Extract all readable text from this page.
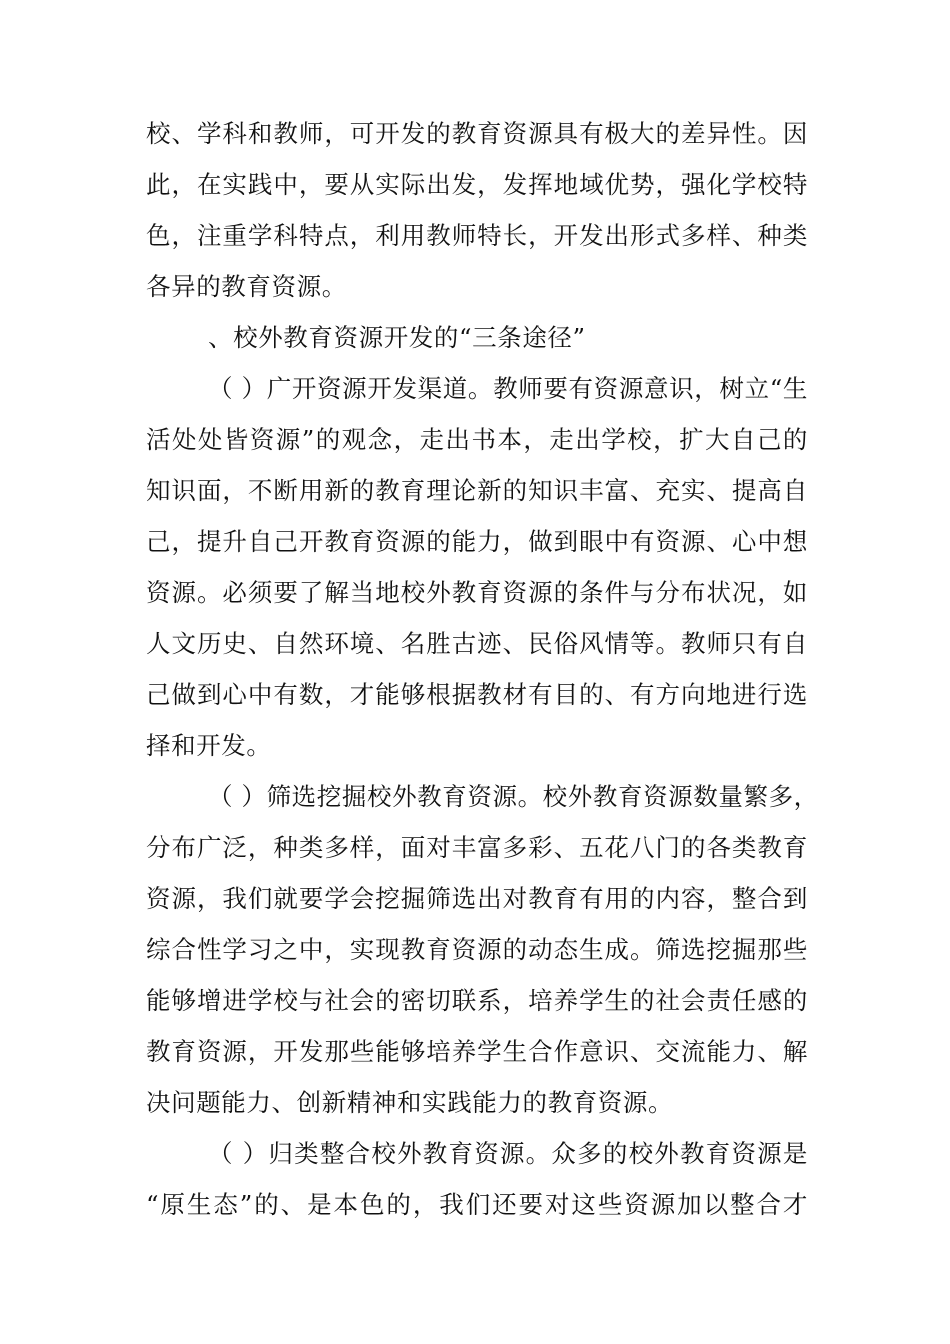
校、学科和教师，可开发的教育资源具有极大的差异性。因
此，在实践中，要从实际出发，发挥地域优势，强化学校特
色，注重学科特点，利用教师特长，开发出形式多样、种类
各异的教育资源。
、校外教育资源开发的“三条途径”
（ ）广开资源开发渠道。教师要有资源意识，树立“生
活处处皆资源”的观念，走出书本，走出学校，扩大自己的
知识面，不断用新的教育理论新的知识丰富、充实、提高自
己，提升自己开教育资源的能力，做到眼中有资源、心中想
资源。必须要了解当地校外教育资源的条件与分布状况，如
人文历史、自然环境、名胜古迹、民俗风情等。教师只有自
己做到心中有数，才能够根据教材有目的、有方向地进行选
择和开发。
（ ）筛选挖掘校外教育资源。校外教育资源数量繁多，
分布广泛，种类多样，面对丰富多彩、五花八门的各类教育
资源，我们就要学会挖掘筛选出对教育有用的内容，整合到
综合性学习之中，实现教育资源的动态生成。筛选挖掘那些
能够增进学校与社会的密切联系，培养学生的社会责任感的
教育资源，开发那些能够培养学生合作意识、交流能力、解
决问题能力、创新精神和实践能力的教育资源。
（ ）归类整合校外教育资源。众多的校外教育资源是
“原生态”的、是本色的，我们还要对这些资源加以整合才
